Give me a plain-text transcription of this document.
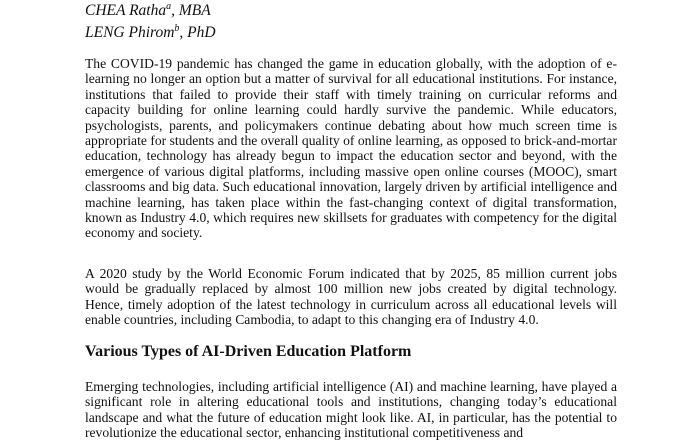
CHEA Ratha$^a$, MBA
LENG Phirom$^b$, PhD

The COVID-19 pandemic has changed the game in education globally, with the adoption of e-learning no longer an option but a matter of survival for all educational institutions. For instance, institutions that failed to provide their staff with timely training on curricular reforms and capacity building for online learning could hardly survive the pandemic. While educators, psychologists, parents, and policymakers continue debating about how much screen time is appropriate for students and the overall quality of online learning, as opposed to brick-and-mortar education, technology has already begun to impact the education sector and beyond, with the emergence of various digital platforms, including massive open online courses (MOOC), smart classrooms and big data. Such educational innovation, largely driven by artificial intelligence and machine learning, has taken place within the fast-changing context of digital transformation, known as Industry 4.0, which requires new skillsets for graduates with competency for the digital economy and society.

A 2020 study by the World Economic Forum indicated that by 2025, 85 million current jobs would be gradually replaced by almost 100 million new jobs created by digital technology. Hence, timely adoption of the latest technology in curriculum across all educational levels will enable countries, including Cambodia, to adapt to this changing era of Industry 4.0.

Various Types of AI-Driven Education Platform

Emerging technologies, including artificial intelligence (AI) and machine learning, have played a significant role in altering educational tools and institutions, changing today’s educational landscape and what the future of education might look like. AI, in particular, has the potential to revolutionize the educational sector, enhancing institutional competitiveness and
